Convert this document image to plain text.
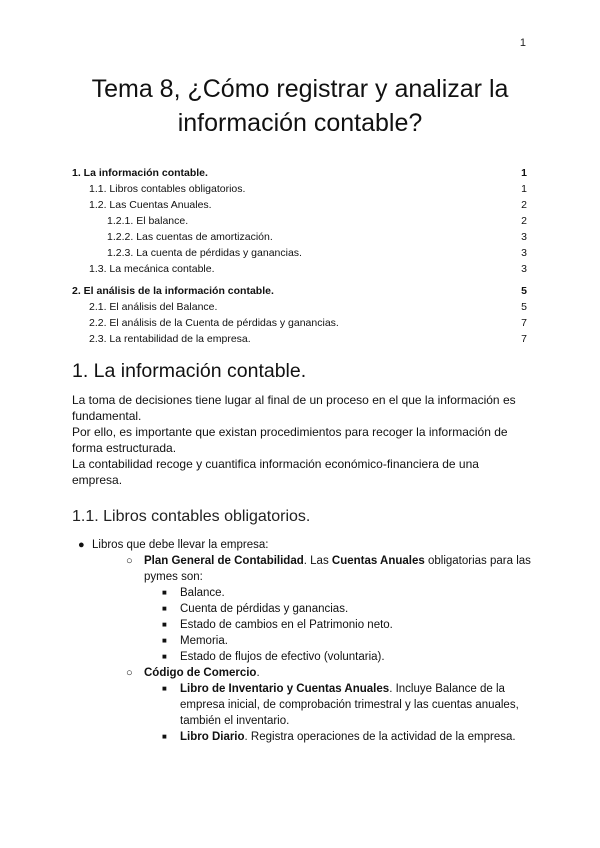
1
Tema 8, ¿Cómo registrar y analizar la información contable?
1. La información contable.	1
1.1. Libros contables obligatorios.	1
1.2. Las Cuentas Anuales.	2
1.2.1. El balance.	2
1.2.2. Las cuentas de amortización.	3
1.2.3. La cuenta de pérdidas y ganancias.	3
1.3. La mecánica contable.	3
2. El análisis de la información contable.	5
2.1. El análisis del Balance.	5
2.2. El análisis de la Cuenta de pérdidas y ganancias.	7
2.3. La rentabilidad de la empresa.	7
1. La información contable.
La toma de decisiones tiene lugar al final de un proceso en el que la información es fundamental.
Por ello, es importante que existan procedimientos para recoger la información de forma estructurada.
La contabilidad recoge y cuantifica información económico-financiera de una empresa.
1.1. Libros contables obligatorios.
● Libros que debe llevar la empresa:
○ Plan General de Contabilidad. Las Cuentas Anuales obligatorias para las pymes son:
■ Balance.
■ Cuenta de pérdidas y ganancias.
■ Estado de cambios en el Patrimonio neto.
■ Memoria.
■ Estado de flujos de efectivo (voluntaria).
○ Código de Comercio.
■ Libro de Inventario y Cuentas Anuales. Incluye Balance de la empresa inicial, de comprobación trimestral y las cuentas anuales, también el inventario.
■ Libro Diario. Registra operaciones de la actividad de la empresa.
